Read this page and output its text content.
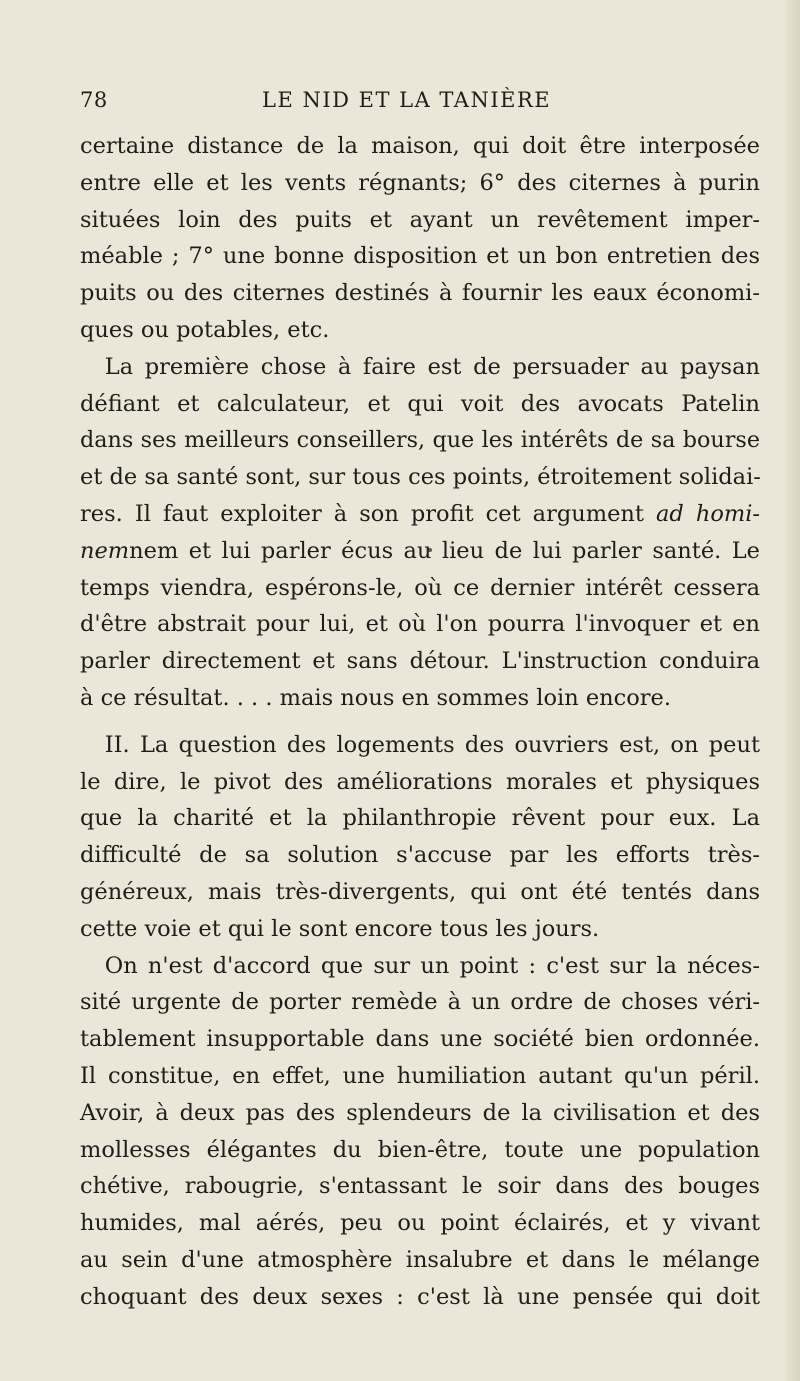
78	LE NID ET LA TANIÈRE
certaine distance de la maison, qui doit être interposée
entre elle et les vents régnants; 6° des citernes à purin
situées loin des puits et ayant un revêtement imper-
méable ; 7° une bonne disposition et un bon entretien des
puits ou des citernes destinés à fournir les eaux économi-
ques ou potables, etc.
La première chose à faire est de persuader au paysan
défiant et calculateur, et qui voit des avocats Patelin
dans ses meilleurs conseillers, que les intérêts de sa bourse
et de sa santé sont, sur tous ces points, étroitement solidai-
res. Il faut exploiter à son profit cet argument ad homi-
nemnem et lui parler écus au lieu de lui parler santé. Le
temps viendra, espérons-le, où ce dernier intérêt cessera
d'être abstrait pour lui, et où l'on pourra l'invoquer et en
parler directement et sans détour. L'instruction conduira
à ce résultat. . . . mais nous en sommes loin encore.
II. La question des logements des ouvriers est, on peut
le dire, le pivot des améliorations morales et physiques
que la charité et la philanthropie rêvent pour eux. La
difficulté de sa solution s'accuse par les efforts très-
généreux, mais très-divergents, qui ont été tentés dans
cette voie et qui le sont encore tous les jours.
On n'est d'accord que sur un point : c'est sur la néces-
sité urgente de porter remède à un ordre de choses véri-
tablement insupportable dans une société bien ordonnée.
Il constitue, en effet, une humiliation autant qu'un péril.
Avoir, à deux pas des splendeurs de la civilisation et des
mollesses élégantes du bien-être, toute une population
chétive, rabougrie, s'entassant le soir dans des bouges
humides, mal aérés, peu ou point éclairés, et y vivant
au sein d'une atmosphère insalubre et dans le mélange
choquant des deux sexes : c'est là une pensée qui doit
